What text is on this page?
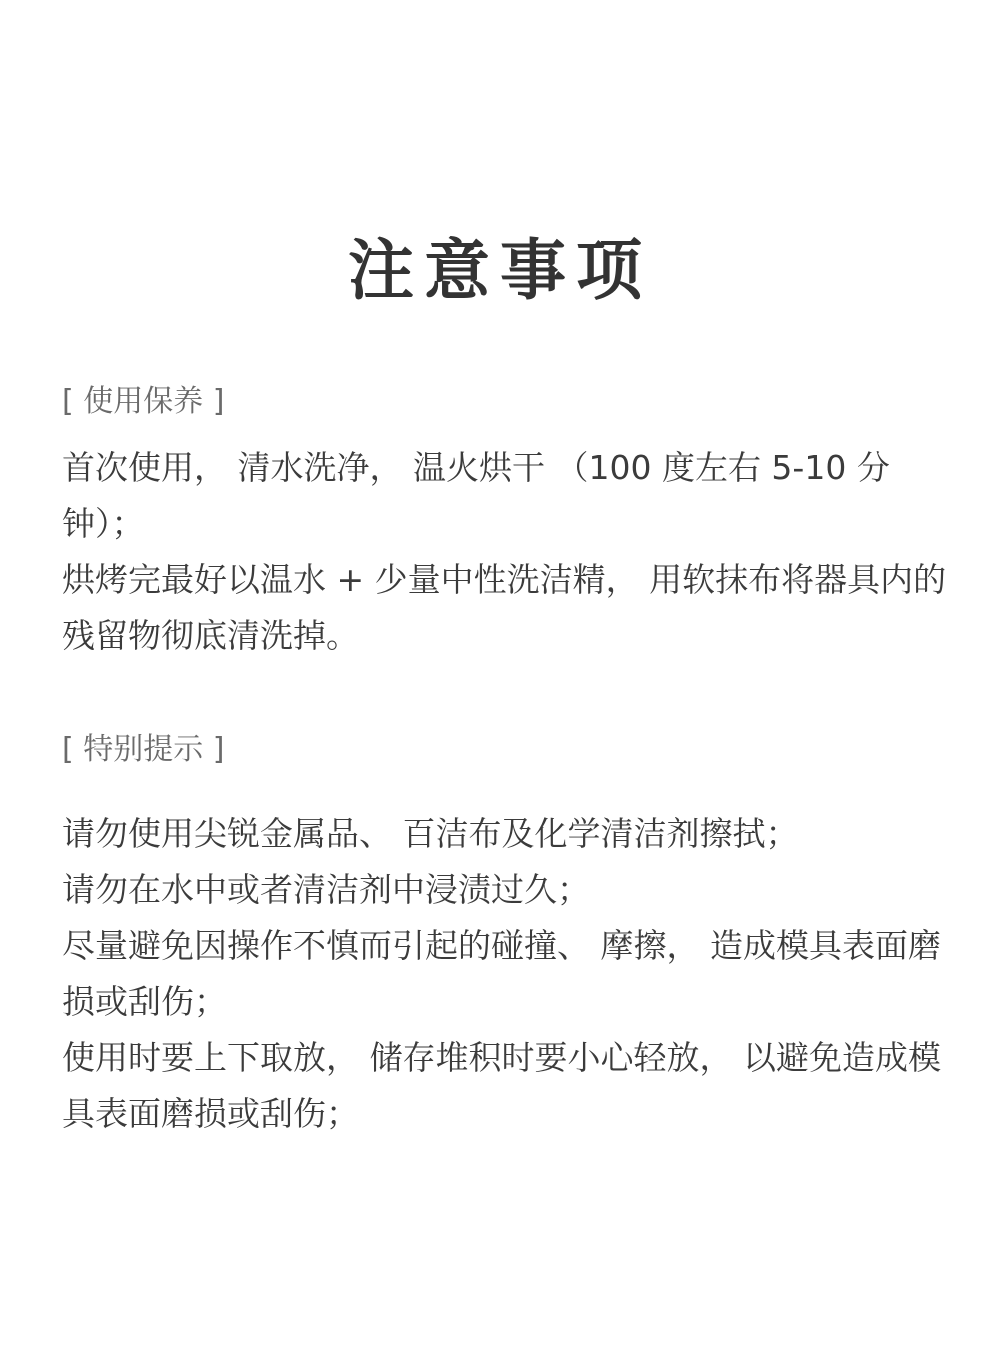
注意事项
[ 使用保养 ]

首次使用， 清水洗净， 温火烘干 （100 度左右 5-10 分钟）；

烘烤完最好以温水 + 少量中性洗洁精， 用软抹布将器具内的残留物彻底清洗掉。

[ 特别提示 ]

请勿使用尖锐金属品、 百洁布及化学清洁剂擦拭；

请勿在水中或者清洁剂中浸渍过久；

尽量避免因操作不慎而引起的碰撞、 摩擦， 造成模具表面磨损或刮伤；

使用时要上下取放， 储存堆积时要小心轻放， 以避免造成模具表面磨损或刮伤；
